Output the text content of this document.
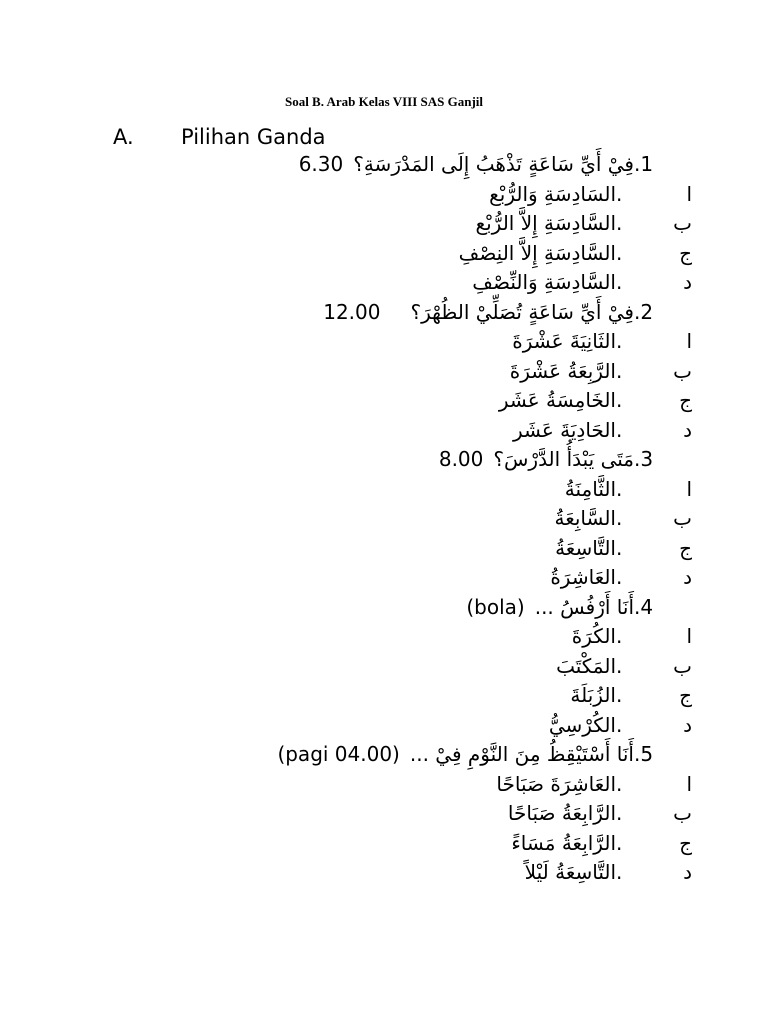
Soal B. Arab Kelas VIII SAS Ganjil
A.	Pilihan Ganda
.1
فِيْ أَيِّ سَاعَةٍ تَذْهَبُ إِلَى المَدْرَسَةِ؟
6.30
ا
.
السَادِسَةِ وَالرُّبْع
ب
.
السَّادِسَةِ إِلاَّ الرُّبْع
ج
.
السَّادِسَةِ إِلاَّ النِصْفِ
د
.
السَّادِسَةِ وَالنِّصْفِ
.2
فِيْ أَيِّ سَاعَةٍ تُصَلِّيْ الظُهْرَ؟
12.00
ا
.
الثَانِيَةَ عَشْرَةَ
ب
.
الرَّبِعَةُ عَشْرَةَ
ج
.
الخَامِسَةُ عَشَر
د
.
الحَادِيَةَ عَشَر
.3
مَتَى يَبْدَأُ الدَّرْسَ؟
8.00
ا
.
الثَّامِنَةُ
ب
.
السَّابِعَةُ
ج
.
التَّاسِعَةُ
د
.
العَاشِرَةُ
.4
أَنَا أَرْفُسُ ...
(bola)
ا
.
الكُرَةَ
ب
.
المَكْتَبَ
ج
.
الزُبَلَةَ
د
.
الكُرْسِيُّ
.5
أَنَا أَسْتَيْقِظُ مِنَ النَّوْمِ فِيْ ...
(pagi 04.00)
ا
.
العَاشِرَةَ صَبَاحًا
ب
.
الرَّابِعَةُ صَبَاحًا
ج
.
الرَّابِعَةُ مَسَاءً
د
.
التَّاسِعَةُ لَيْلاً
